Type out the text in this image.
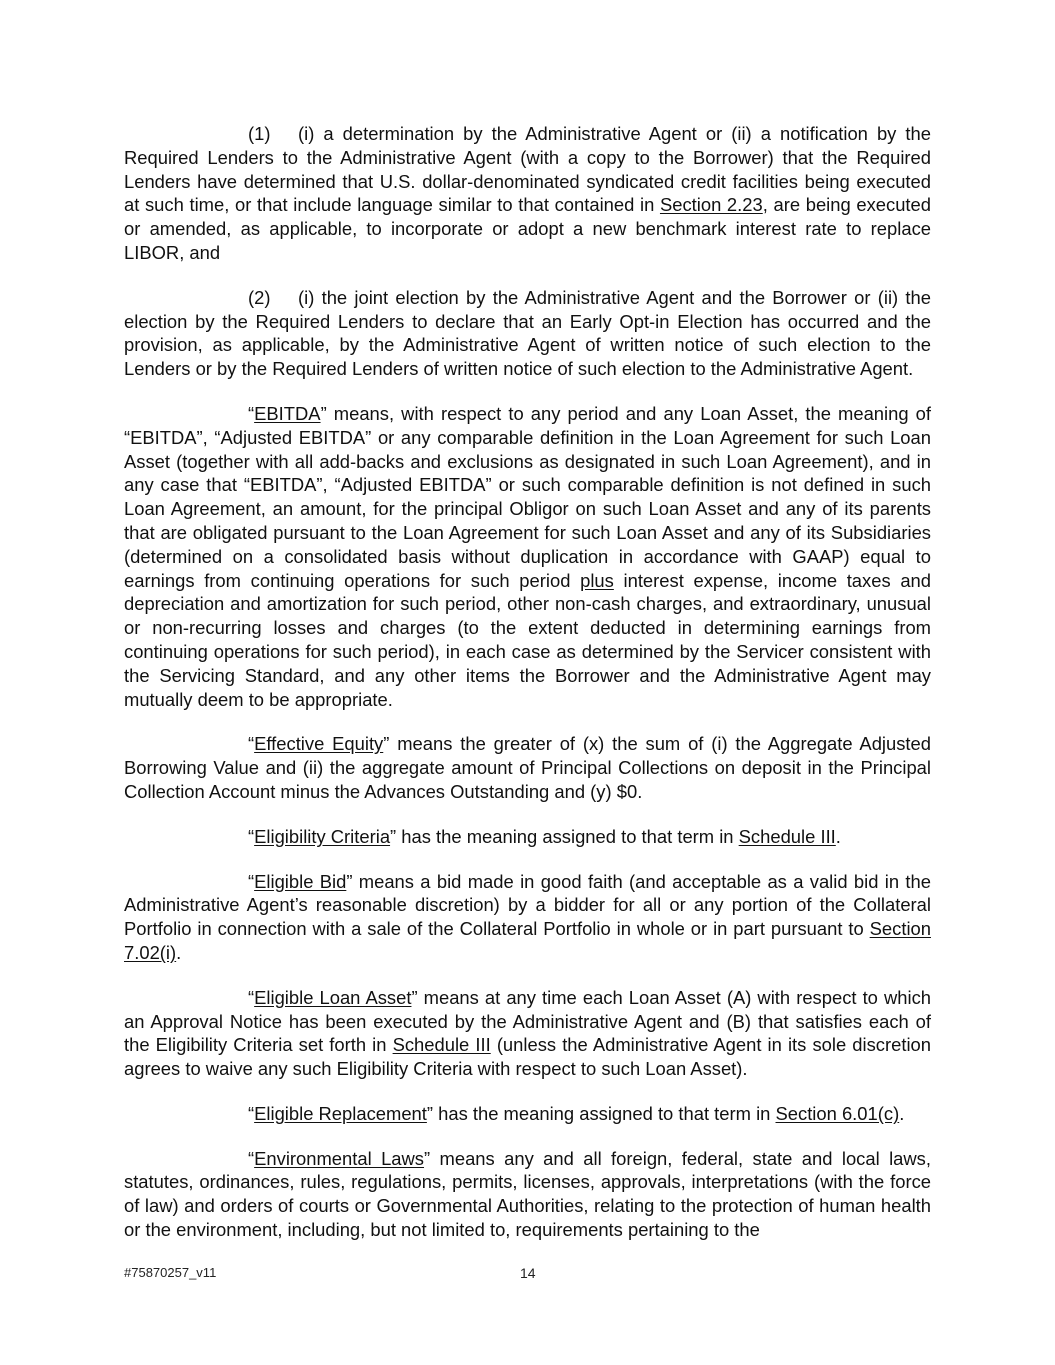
(1) (i) a determination by the Administrative Agent or (ii) a notification by the Required Lenders to the Administrative Agent (with a copy to the Borrower) that the Required Lenders have determined that U.S. dollar-denominated syndicated credit facilities being executed at such time, or that include language similar to that contained in Section 2.23, are being executed or amended, as applicable, to incorporate or adopt a new benchmark interest rate to replace LIBOR, and

(2) (i) the joint election by the Administrative Agent and the Borrower or (ii) the election by the Required Lenders to declare that an Early Opt-in Election has occurred and the provision, as applicable, by the Administrative Agent of written notice of such election to the Lenders or by the Required Lenders of written notice of such election to the Administrative Agent.

“EBITDA” means, with respect to any period and any Loan Asset, the meaning of “EBITDA”, “Adjusted EBITDA” or any comparable definition in the Loan Agreement for such Loan Asset (together with all add-backs and exclusions as designated in such Loan Agreement), and in any case that “EBITDA”, “Adjusted EBITDA” or such comparable definition is not defined in such Loan Agreement, an amount, for the principal Obligor on such Loan Asset and any of its parents that are obligated pursuant to the Loan Agreement for such Loan Asset and any of its Subsidiaries (determined on a consolidated basis without duplication in accordance with GAAP) equal to earnings from continuing operations for such period plus interest expense, income taxes and depreciation and amortization for such period, other non-cash charges, and extraordinary, unusual or non-recurring losses and charges (to the extent deducted in determining earnings from continuing operations for such period), in each case as determined by the Servicer consistent with the Servicing Standard, and any other items the Borrower and the Administrative Agent may mutually deem to be appropriate.

“Effective Equity” means the greater of (x) the sum of (i) the Aggregate Adjusted Borrowing Value and (ii) the aggregate amount of Principal Collections on deposit in the Principal Collection Account minus the Advances Outstanding and (y) $0.

“Eligibility Criteria” has the meaning assigned to that term in Schedule III.

“Eligible Bid” means a bid made in good faith (and acceptable as a valid bid in the Administrative Agent’s reasonable discretion) by a bidder for all or any portion of the Collateral Portfolio in connection with a sale of the Collateral Portfolio in whole or in part pursuant to Section 7.02(i).

“Eligible Loan Asset” means at any time each Loan Asset (A) with respect to which an Approval Notice has been executed by the Administrative Agent and (B) that satisfies each of the Eligibility Criteria set forth in Schedule III (unless the Administrative Agent in its sole discretion agrees to waive any such Eligibility Criteria with respect to such Loan Asset).

“Eligible Replacement” has the meaning assigned to that term in Section 6.01(c).

“Environmental Laws” means any and all foreign, federal, state and local laws, statutes, ordinances, rules, regulations, permits, licenses, approvals, interpretations (with the force of law) and orders of courts or Governmental Authorities, relating to the protection of human health or the environment, including, but not limited to, requirements pertaining to the

#75870257_v11	14
